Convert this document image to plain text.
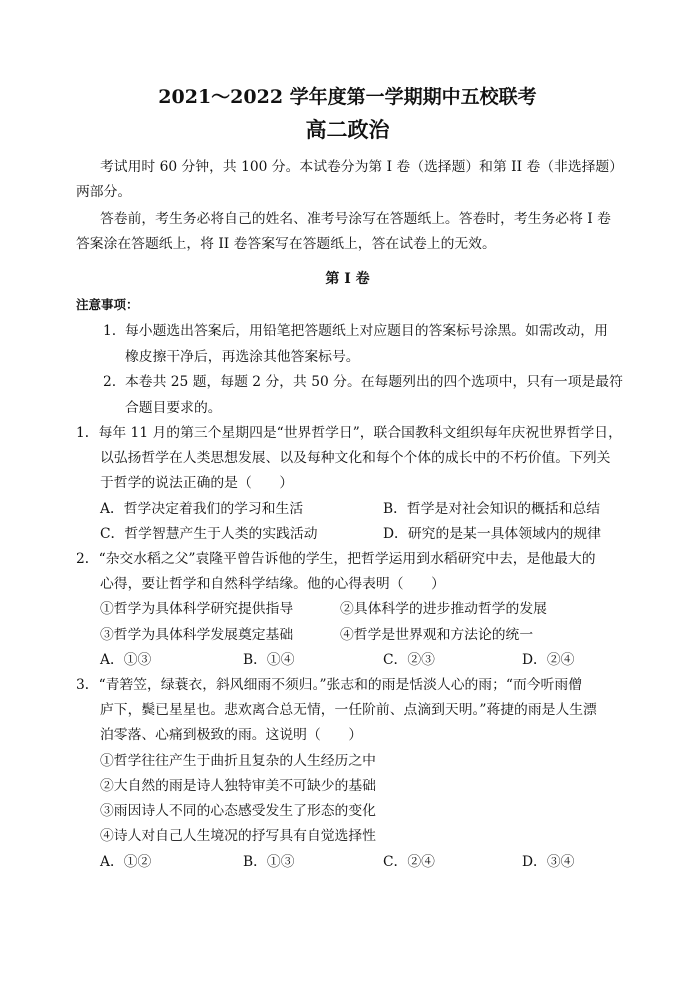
2021～2022 学年度第一学期期中五校联考
高二政治
考试用时 60 分钟，共 100 分。本试卷分为第 I 卷（选择题）和第 II 卷（非选择题）
两部分。
答卷前，考生务必将自己的姓名、准考号涂写在答题纸上。答卷时，考生务必将 I 卷
答案涂在答题纸上，将 II 卷答案写在答题纸上，答在试卷上的无效。
第 I 卷
注意事项：
1. 每小题选出答案后，用铅笔把答题纸上对应题目的答案标号涂黑。如需改动，用
橡皮擦干净后，再选涂其他答案标号。
2. 本卷共 25 题，每题 2 分，共 50 分。在每题列出的四个选项中，只有一项是最符
合题目要求的。
1．每年 11 月的第三个星期四是“世界哲学日”，联合国教科文组织每年庆祝世界哲学日，
以弘扬哲学在人类思想发展、以及每种文化和每个个体的成长中的不朽价值。下列关
于哲学的说法正确的是（　　）
A．哲学决定着我们的学习和生活	B．哲学是对社会知识的概括和总结
C．哲学智慧产生于人类的实践活动	D．研究的是某一具体领域内的规律
2．“杂交水稻之父”袁隆平曾告诉他的学生，把哲学运用到水稻研究中去，是他最大的
心得，要让哲学和自然科学结缘。他的心得表明（　　）
①哲学为具体科学研究提供指导	②具体科学的进步推动哲学的发展
③哲学为具体科学发展奠定基础	④哲学是世界观和方法论的统一
A．①③	B．①④	C．②③	D．②④
3．“青箬笠，绿蓑衣，斜风细雨不须归。”张志和的雨是恬淡人心的雨；“而今听雨僧
庐下，鬓已星星也。悲欢离合总无情，一任阶前、点滴到天明。”蒋捷的雨是人生漂
泊零落、心痛到极致的雨。这说明（　　）
①哲学往往产生于曲折且复杂的人生经历之中
②大自然的雨是诗人独特审美不可缺少的基础
③雨因诗人不同的心态感受发生了形态的变化
④诗人对自己人生境况的抒写具有自觉选择性
A．①②	B．①③	C．②④	D．③④
